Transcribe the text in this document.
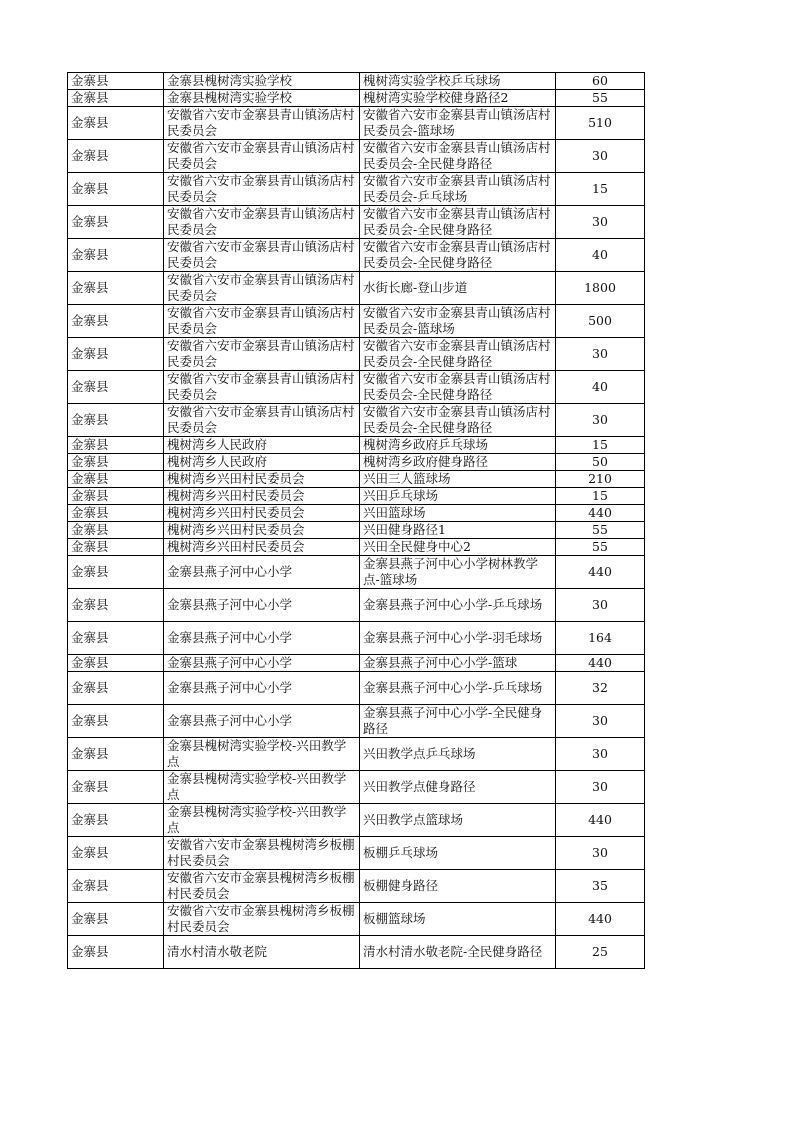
金寨县	金寨县槐树湾实验学校	槐树湾实验学校乒乓球场	60
金寨县	金寨县槐树湾实验学校	槐树湾实验学校健身路径2	55
金寨县	安徽省六安市金寨县青山镇汤店村民委员会	安徽省六安市金寨县青山镇汤店村民委员会-篮球场	510
金寨县	安徽省六安市金寨县青山镇汤店村民委员会	安徽省六安市金寨县青山镇汤店村民委员会-全民健身路径	30
金寨县	安徽省六安市金寨县青山镇汤店村民委员会	安徽省六安市金寨县青山镇汤店村民委员会-乒乓球场	15
金寨县	安徽省六安市金寨县青山镇汤店村民委员会	安徽省六安市金寨县青山镇汤店村民委员会-全民健身路径	30
金寨县	安徽省六安市金寨县青山镇汤店村民委员会	安徽省六安市金寨县青山镇汤店村民委员会-全民健身路径	40
金寨县	安徽省六安市金寨县青山镇汤店村民委员会	水街长廊-登山步道	1800
金寨县	安徽省六安市金寨县青山镇汤店村民委员会	安徽省六安市金寨县青山镇汤店村民委员会-篮球场	500
金寨县	安徽省六安市金寨县青山镇汤店村民委员会	安徽省六安市金寨县青山镇汤店村民委员会-全民健身路径	30
金寨县	安徽省六安市金寨县青山镇汤店村民委员会	安徽省六安市金寨县青山镇汤店村民委员会-全民健身路径	40
金寨县	安徽省六安市金寨县青山镇汤店村民委员会	安徽省六安市金寨县青山镇汤店村民委员会-全民健身路径	30
金寨县	槐树湾乡人民政府	槐树湾乡政府乒乓球场	15
金寨县	槐树湾乡人民政府	槐树湾乡政府健身路径	50
金寨县	槐树湾乡兴田村民委员会	兴田三人篮球场	210
金寨县	槐树湾乡兴田村民委员会	兴田乒乓球场	15
金寨县	槐树湾乡兴田村民委员会	兴田篮球场	440
金寨县	槐树湾乡兴田村民委员会	兴田健身路径1	55
金寨县	槐树湾乡兴田村民委员会	兴田全民健身中心2	55
金寨县	金寨县燕子河中心小学	金寨县燕子河中心小学树林教学点-篮球场	440
金寨县	金寨县燕子河中心小学	金寨县燕子河中心小学-乒乓球场	30
金寨县	金寨县燕子河中心小学	金寨县燕子河中心小学-羽毛球场	164
金寨县	金寨县燕子河中心小学	金寨县燕子河中心小学-篮球	440
金寨县	金寨县燕子河中心小学	金寨县燕子河中心小学-乒乓球场	32
金寨县	金寨县燕子河中心小学	金寨县燕子河中心小学-全民健身路径	30
金寨县	金寨县槐树湾实验学校-兴田教学点	兴田教学点乒乓球场	30
金寨县	金寨县槐树湾实验学校-兴田教学点	兴田教学点健身路径	30
金寨县	金寨县槐树湾实验学校-兴田教学点	兴田教学点篮球场	440
金寨县	安徽省六安市金寨县槐树湾乡板棚村民委员会	板棚乒乓球场	30
金寨县	安徽省六安市金寨县槐树湾乡板棚村民委员会	板棚健身路径	35
金寨县	安徽省六安市金寨县槐树湾乡板棚村民委员会	板棚篮球场	440
金寨县	清水村清水敬老院	清水村清水敬老院-全民健身路径	25
